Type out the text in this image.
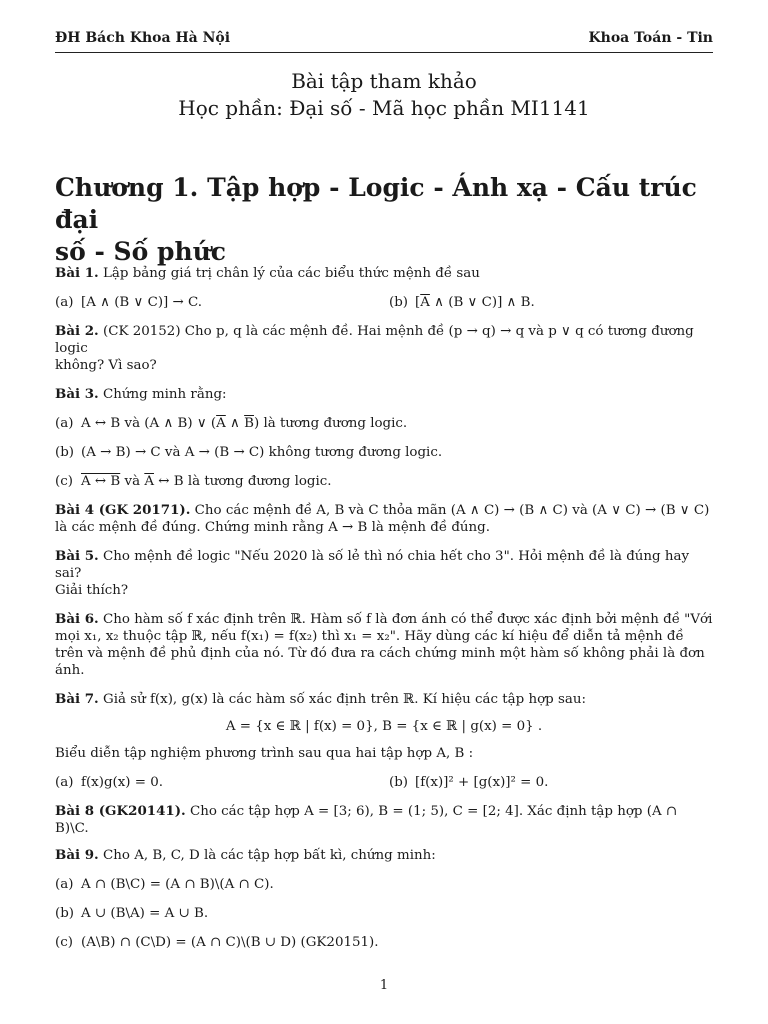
ĐH Bách Khoa Hà Nội	Khoa Toán - Tin
Bài tập tham khảo
Học phần: Đại số - Mã học phần MI1141
Chương 1. Tập hợp - Logic - Ánh xạ - Cấu trúc đại
số - Số phức

Bài 1. Lập bảng giá trị chân lý của các biểu thức mệnh đề sau

(a) [A ∧ (B ∨ C)] → C.	(b) [$\overline{A}$ ∧ (B ∨ C)] ∧ B.

Bài 2. (CK 20152) Cho p, q là các mệnh đề. Hai mệnh đề (p → q) → q và p ∨ q có tương đương logic

không? Vì sao?

Bài 3. Chứng minh rằng:

(a) A ↔ B và (A ∧ B) ∨ ($\overline{A}$ ∧ $\overline{B}$) là tương đương logic.

(b) (A → B) → C và A → (B → C) không tương đương logic.

(c) A ↔ B và $\overline{A}$ ↔ B là tương đương logic.

Bài 4 (GK 20171). Cho các mệnh đề A, B và C thỏa mãn (A ∧ C) → (B ∧ C) và (A ∨ C) → (B ∨ C)

là các mệnh đề đúng. Chứng minh rằng A → B là mệnh đề đúng.

Bài 5. Cho mệnh đề logic "Nếu 2020 là số lẻ thì nó chia hết cho 3". Hỏi mệnh đề là đúng hay sai?

Giải thích?

Bài 6. Cho hàm số f xác định trên ℝ. Hàm số f là đơn ánh có thể được xác định bởi mệnh đề "Với

mọi x₁, x₂ thuộc tập ℝ, nếu f(x₁) = f(x₂) thì x₁ = x₂". Hãy dùng các kí hiệu để diễn tả mệnh đề

trên và mệnh đề phủ định của nó. Từ đó đưa ra cách chứng minh một hàm số không phải là đơn

ánh.

Bài 7. Giả sử f(x), g(x) là các hàm số xác định trên ℝ. Kí hiệu các tập hợp sau:

A = {x ∈ ℝ | f(x) = 0}, B = {x ∈ ℝ | g(x) = 0} .

Biểu diễn tập nghiệm phương trình sau qua hai tập hợp A, B :

(a) f(x)g(x) = 0.	(b) [f(x)]² + [g(x)]² = 0.

Bài 8 (GK20141). Cho các tập hợp A = [3; 6), B = (1; 5), C = [2; 4]. Xác định tập hợp (A ∩ B)\C.

Bài 9. Cho A, B, C, D là các tập hợp bất kì, chứng minh:

(a) A ∩ (B\C) = (A ∩ B)\(A ∩ C).

(b) A ∪ (B\A) = A ∪ B.

(c) (A\B) ∩ (C\D) = (A ∩ C)\(B ∪ D) (GK20151).

1
